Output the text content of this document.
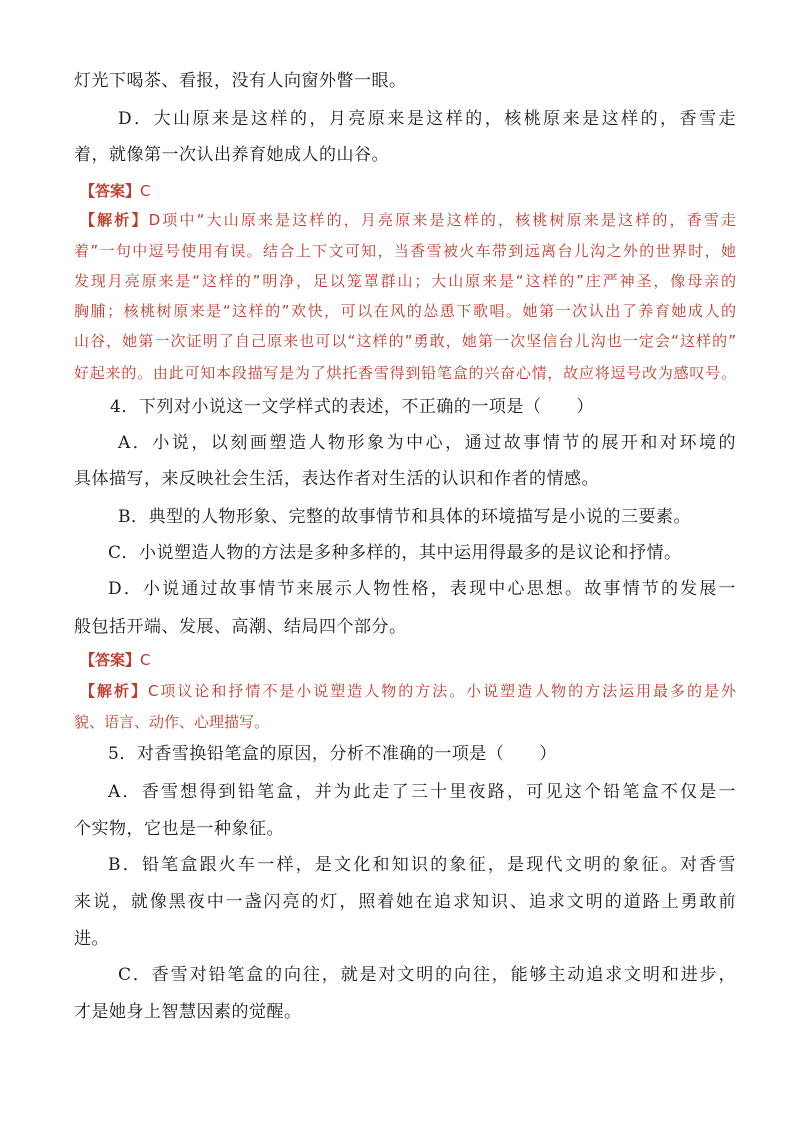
灯光下喝茶、看报，没有人向窗外瞥一眼。
D．大山原来是这样的，月亮原来是这样的，核桃原来是这样的，香雪走
着，就像第一次认出养育她成人的山谷。
【答案】C
【解析】D项中“大山原来是这样的，月亮原来是这样的，核桃树原来是这样的，香雪走
着”一句中逗号使用有误。结合上下文可知，当香雪被火车带到远离台儿沟之外的世界时，她
发现月亮原来是“这样的”明净，足以笼罩群山；大山原来是“这样的”庄严神圣，像母亲的
胸脯；核桃树原来是“这样的”欢快，可以在风的怂恿下歌唱。她第一次认出了养育她成人的
山谷，她第一次证明了自己原来也可以“这样的”勇敢，她第一次坚信台儿沟也一定会“这样的”
好起来的。由此可知本段描写是为了烘托香雪得到铅笔盒的兴奋心情，故应将逗号改为感叹号。
4．下列对小说这一文学样式的表述，不正确的一项是（　　）
A．小说，以刻画塑造人物形象为中心，通过故事情节的展开和对环境的
具体描写，来反映社会生活，表达作者对生活的认识和作者的情感。
B．典型的人物形象、完整的故事情节和具体的环境描写是小说的三要素。
C．小说塑造人物的方法是多种多样的，其中运用得最多的是议论和抒情。
D．小说通过故事情节来展示人物性格，表现中心思想。故事情节的发展一
般包括开端、发展、高潮、结局四个部分。
【答案】C
【解析】C项议论和抒情不是小说塑造人物的方法。小说塑造人物的方法运用最多的是外
貌、语言、动作、心理描写。
5．对香雪换铅笔盒的原因，分析不准确的一项是（　　）
A．香雪想得到铅笔盒，并为此走了三十里夜路，可见这个铅笔盒不仅是一
个实物，它也是一种象征。
B．铅笔盒跟火车一样，是文化和知识的象征，是现代文明的象征。对香雪
来说，就像黑夜中一盏闪亮的灯，照着她在追求知识、追求文明的道路上勇敢前
进。
C．香雪对铅笔盒的向往，就是对文明的向往，能够主动追求文明和进步，
才是她身上智慧因素的觉醒。
